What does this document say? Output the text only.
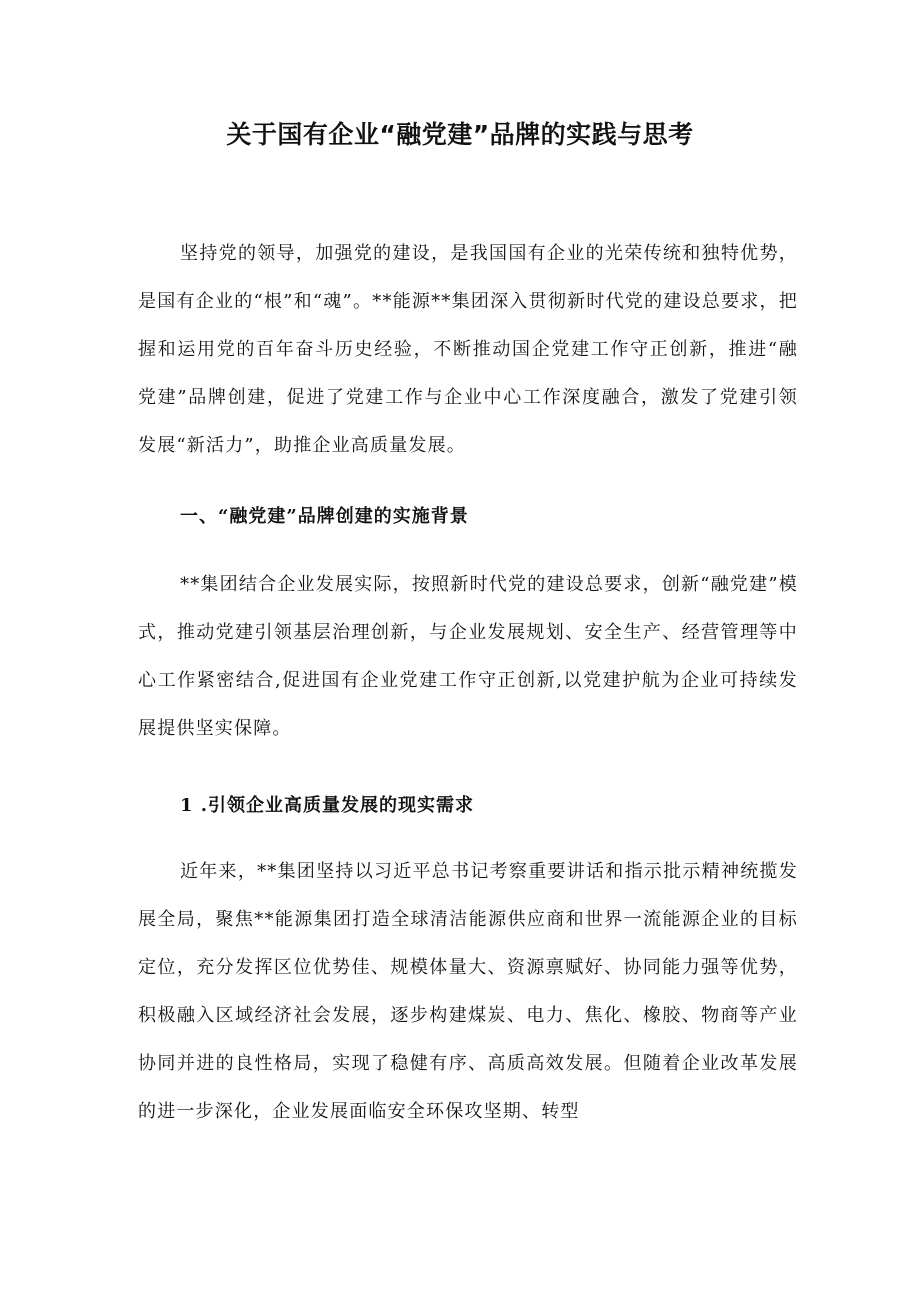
关于国有企业“融党建”品牌的实践与思考

坚持党的领导，加强党的建设，是我国国有企业的光荣传统和独特优势，是国有企业的“根”和“魂”。**能源**集团深入贯彻新时代党的建设总要求，把握和运用党的百年奋斗历史经验，不断推动国企党建工作守正创新，推进“融党建”品牌创建，促进了党建工作与企业中心工作深度融合，激发了党建引领发展“新活力”，助推企业高质量发展。

一、“融党建”品牌创建的实施背景

**集团结合企业发展实际，按照新时代党的建设总要求，创新“融党建”模式，推动党建引领基层治理创新，与企业发展规划、安全生产、经营管理等中心工作紧密结合,促进国有企业党建工作守正创新,以党建护航为企业可持续发展提供坚实保障。

1 .引领企业高质量发展的现实需求

近年来，**集团坚持以习近平总书记考察重要讲话和指示批示精神统揽发展全局，聚焦**能源集团打造全球清洁能源供应商和世界一流能源企业的目标定位，充分发挥区位优势佳、规模体量大、资源禀赋好、协同能力强等优势，积极融入区域经济社会发展，逐步构建煤炭、电力、焦化、橡胶、物商等产业协同并进的良性格局，实现了稳健有序、高质高效发展。但随着企业改革发展的进一步深化，企业发展面临安全环保攻坚期、转型
